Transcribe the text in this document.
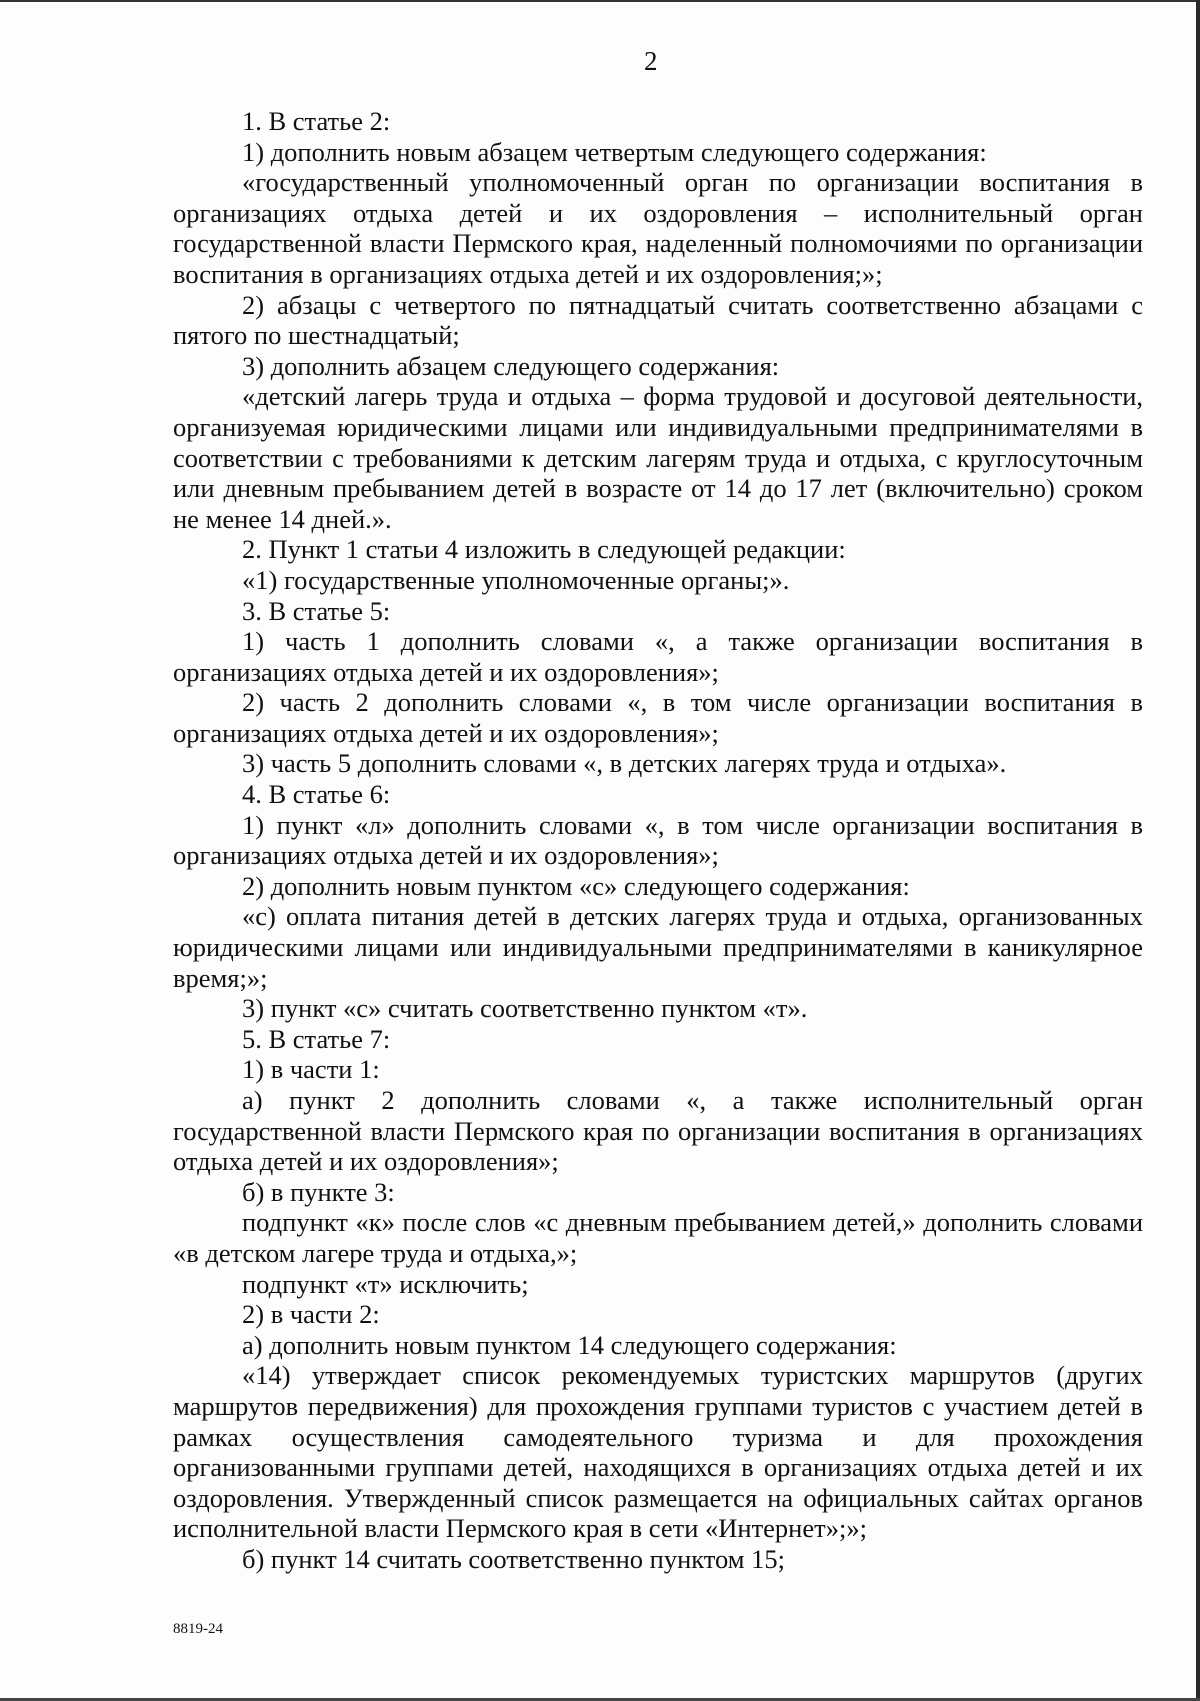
2

1. В статье 2:

1) дополнить новым абзацем четвертым следующего содержания:

«государственный уполномоченный орган по организации воспитания в организациях отдыха детей и их оздоровления – исполнительный орган государственной власти Пермского края, наделенный полномочиями по организации воспитания в организациях отдыха детей и их оздоровления;»;

2) абзацы с четвертого по пятнадцатый считать соответственно абзацами с пятого по шестнадцатый;

3) дополнить абзацем следующего содержания:

«детский лагерь труда и отдыха – форма трудовой и досуговой деятельности, организуемая юридическими лицами или индивидуальными предпринимателями в соответствии с требованиями к детским лагерям труда и отдыха, с круглосуточным или дневным пребыванием детей в возрасте от 14 до 17 лет (включительно) сроком не менее 14 дней.».

2. Пункт 1 статьи 4 изложить в следующей редакции:

«1) государственные уполномоченные органы;».

3. В статье 5:

1) часть 1 дополнить словами «, а также организации воспитания в организациях отдыха детей и их оздоровления»;

2) часть 2 дополнить словами «, в том числе организации воспитания в организациях отдыха детей и их оздоровления»;

3) часть 5 дополнить словами «, в детских лагерях труда и отдыха».

4. В статье 6:

1) пункт «л» дополнить словами «, в том числе организации воспитания в организациях отдыха детей и их оздоровления»;

2) дополнить новым пунктом «с» следующего содержания:

«с) оплата питания детей в детских лагерях труда и отдыха, организованных юридическими лицами или индивидуальными предпринимателями в каникулярное время;»;

3) пункт «с» считать соответственно пунктом «т».

5. В статье 7:

1) в части 1:

а) пункт 2 дополнить словами «, а также исполнительный орган государственной власти Пермского края по организации воспитания в организациях отдыха детей и их оздоровления»;

б) в пункте 3:

подпункт «к» после слов «с дневным пребыванием детей,» дополнить словами «в детском лагере труда и отдыха,»;

подпункт «т» исключить;

2) в части 2:

а) дополнить новым пунктом 14 следующего содержания:

«14) утверждает список рекомендуемых туристских маршрутов (других маршрутов передвижения) для прохождения группами туристов с участием детей в рамках осуществления самодеятельного туризма и для прохождения организованными группами детей, находящихся в организациях отдыха детей и их оздоровления. Утвержденный список размещается на официальных сайтах органов исполнительной власти Пермского края в сети «Интернет»;»;

б) пункт 14 считать соответственно пунктом 15;

8819-24
